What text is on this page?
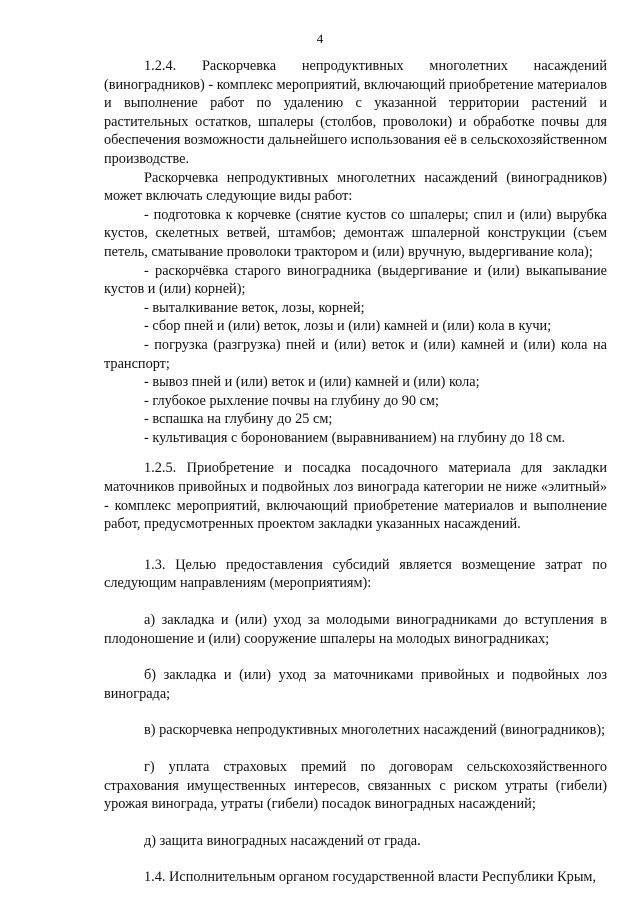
4

1.2.4. Раскорчевка непродуктивных многолетних насаждений (виноградников) - комплекс мероприятий, включающий приобретение материалов и выполнение работ по удалению с указанной территории растений и растительных остатков, шпалеры (столбов, проволоки) и обработке почвы для обеспечения возможности дальнейшего использования её в сельскохозяйственном производстве.

Раскорчевка непродуктивных многолетних насаждений (виноградников) может включать следующие виды работ:

- подготовка к корчевке (снятие кустов со шпалеры; спил и (или) вырубка кустов, скелетных ветвей, штамбов; демонтаж шпалерной конструкции (съем петель, сматывание проволоки трактором и (или) вручную, выдергивание кола);

- раскорчёвка старого виноградника (выдергивание и (или) выкапывание кустов и (или) корней);

- выталкивание веток, лозы, корней;

- сбор пней и (или) веток, лозы и (или) камней и (или) кола в кучи;

- погрузка (разгрузка) пней и (или) веток и (или) камней и (или) кола на транспорт;

- вывоз пней и (или) веток и (или) камней и (или) кола;

- глубокое рыхление почвы на глубину до 90 см;

- вспашка на глубину до 25 см;

- культивация с боронованием (выравниванием) на глубину до 18 см.

1.2.5. Приобретение и посадка посадочного материала для закладки маточников привойных и подвойных лоз винограда категории не ниже «элитный» - комплекс мероприятий, включающий приобретение материалов и выполнение работ, предусмотренных проектом закладки указанных насаждений.

1.3. Целью предоставления субсидий является возмещение затрат по следующим направлениям (мероприятиям):

а) закладка и (или) уход за молодыми виноградниками до вступления в плодоношение и (или) сооружение шпалеры на молодых виноградниках;

б) закладка и (или) уход за маточниками привойных и подвойных лоз винограда;

в) раскорчевка непродуктивных многолетних насаждений (виноградников);

г) уплата страховых премий по договорам сельскохозяйственного страхования имущественных интересов, связанных с риском утраты (гибели) урожая винограда, утраты (гибели) посадок виноградных насаждений;

д) защита виноградных насаждений от града.

1.4. Исполнительным органом государственной власти Республики Крым,
